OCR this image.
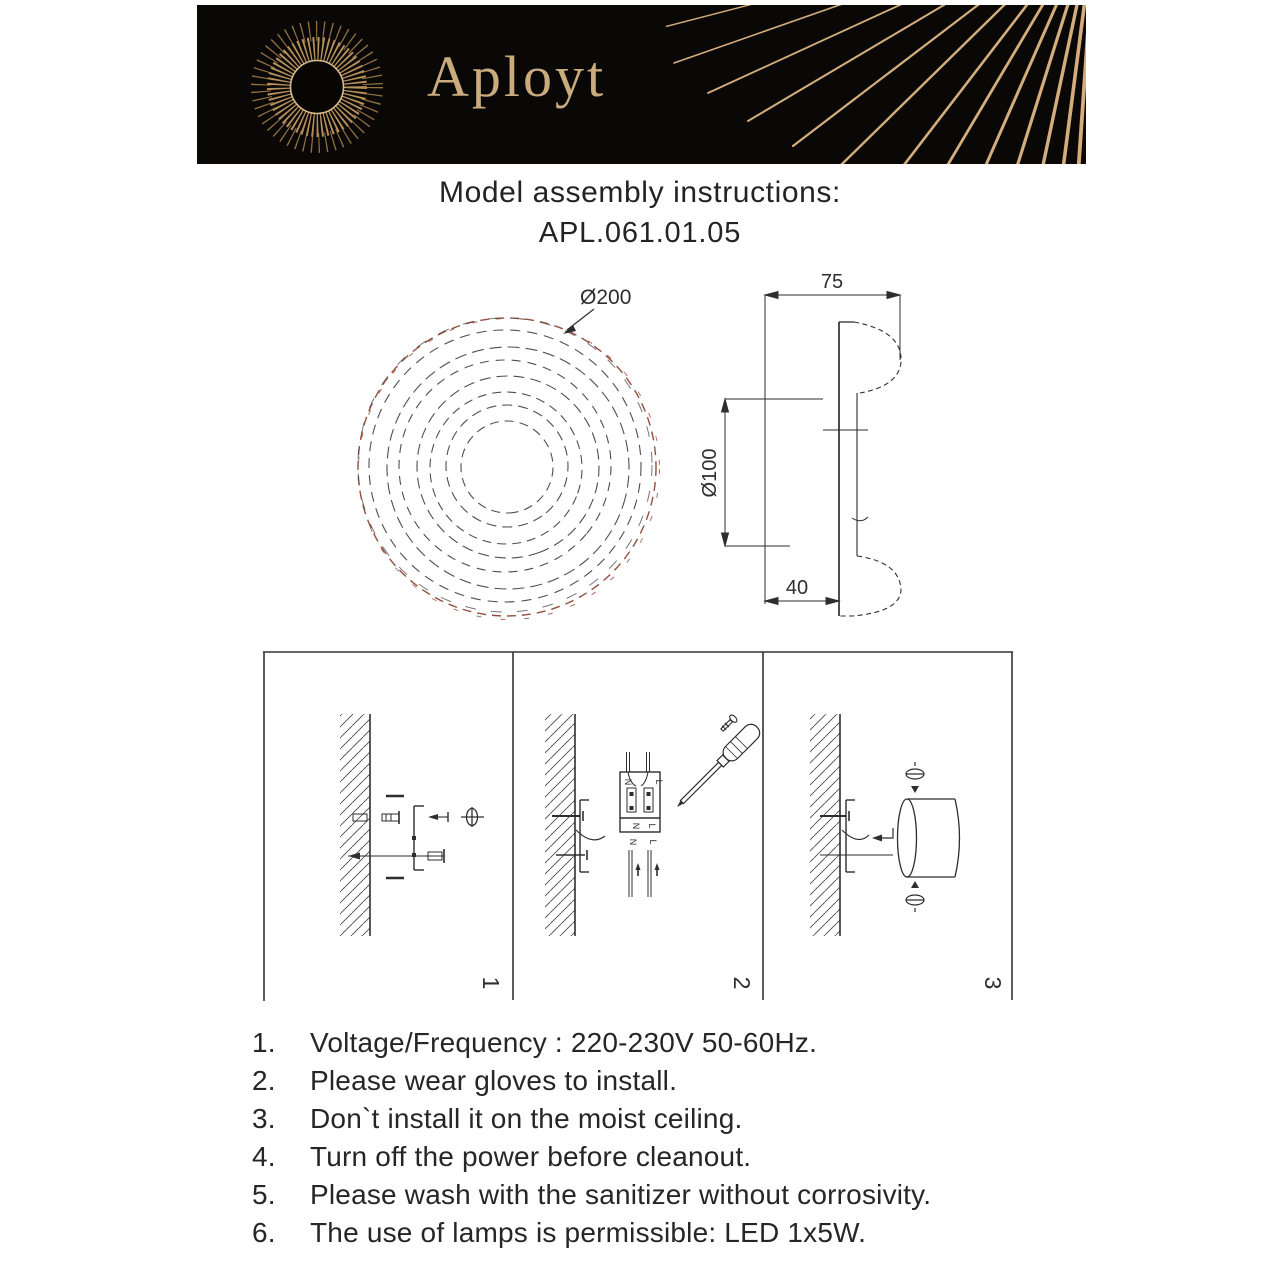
Aployt
Model assembly instructions:
APL.061.01.05
Ø200
75
Ø100
40
1
N L
N L
N L
2	3
1.	Voltage/Frequency : 220-230V 50-60Hz.
2.	Please wear gloves to install.
3.	Don`t install it on the moist ceiling.
4.	Turn off the power before cleanout.
5.	Please wash with the sanitizer without corrosivity.
6.	The use of lamps is permissible: LED 1x5W.
